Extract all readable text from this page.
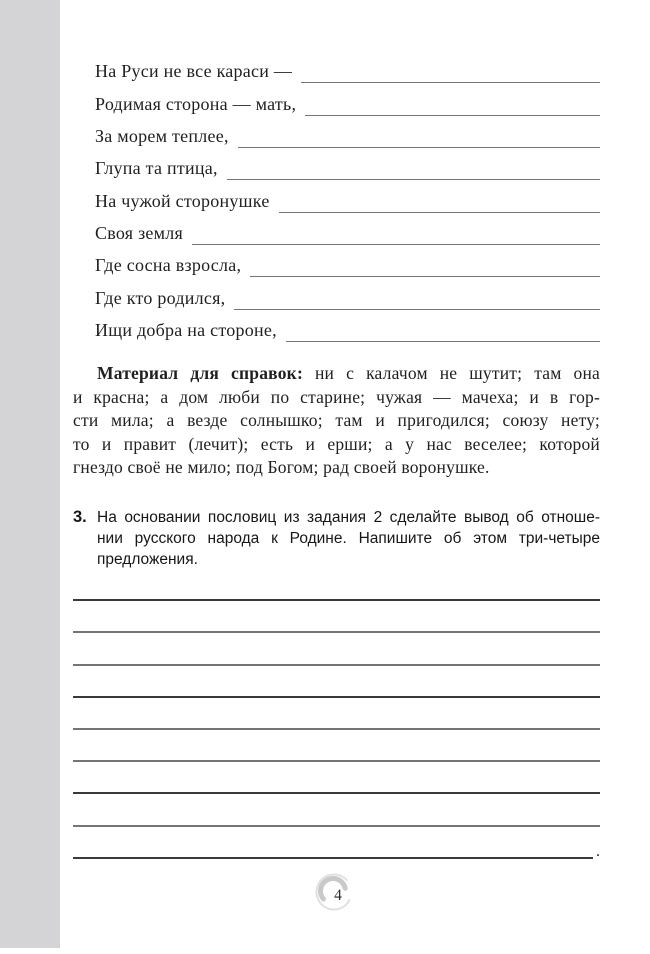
На Руси не все караси —
Родимая сторона — мать,
За морем теплее,
Глупа та птица,
На чужой сторонушке
Своя земля
Где сосна взросла,
Где кто родился,
Ищи добра на стороне,
Материал для справок: ни с калачом не шутит; там она
и красна; а дом люби по старине; чужая — мачеха; и в гор-
сти мила; а везде солнышко; там и пригодился; союзу нету;
то и правит (лечит); есть и ерши; а у нас веселее; которой
гнездо своё не мило; под Богом; рад своей воронушке.
3. На основании пословиц из задания 2 сделайте вывод об отноше-
нии русского народа к Родине. Напишите об этом три-четыре
предложения.
.
4
